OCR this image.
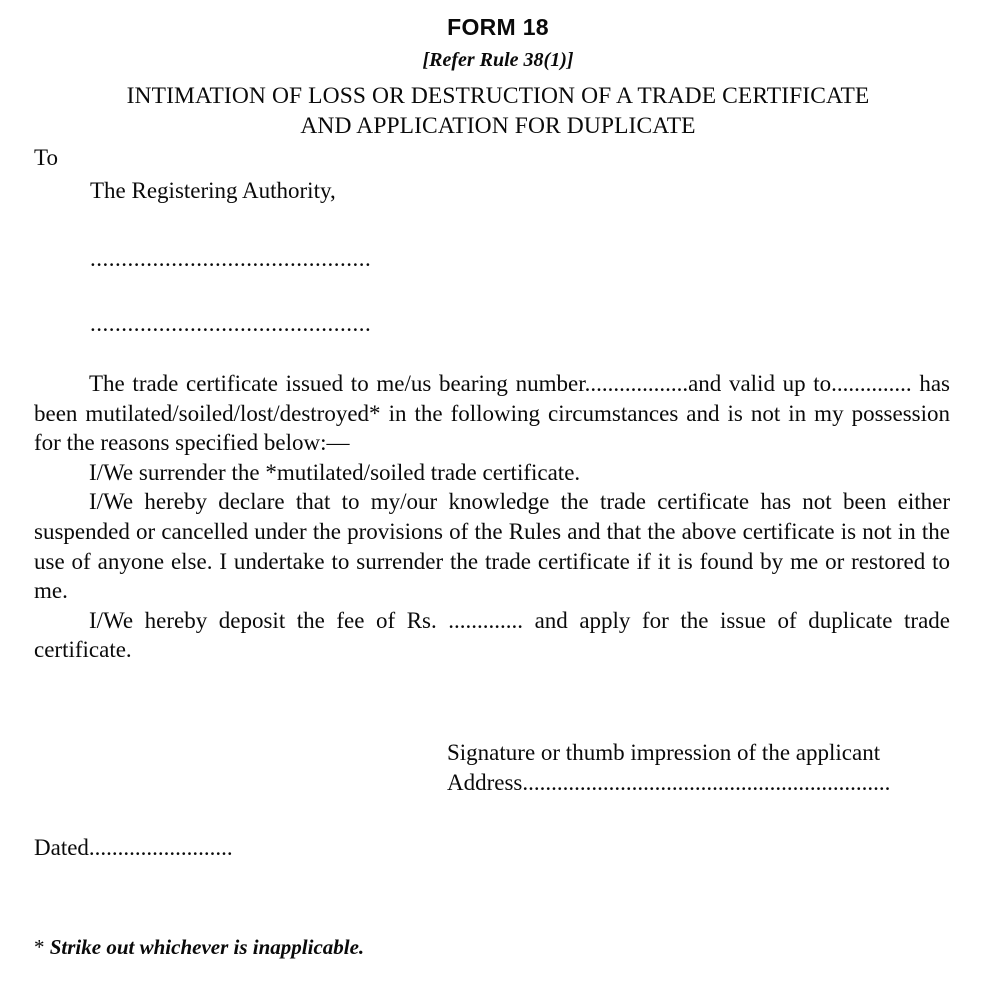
FORM 18
[Refer Rule 38(1)]
INTIMATION OF LOSS OR DESTRUCTION OF A TRADE CERTIFICATE
AND APPLICATION FOR DUPLICATE
To
The Registering Authority,
.............................................
.............................................

The trade certificate issued to me/us bearing number..................and valid up to.............. has been mutilated/soiled/lost/destroyed* in the following circumstances and is not in my possession for the reasons specified below:—

I/We surrender the *mutilated/soiled trade certificate.

I/We hereby declare that to my/our knowledge the trade certificate has not been either suspended or cancelled under the provisions of the Rules and that the above certificate is not in the use of anyone else. I undertake to surrender the trade certificate if it is found by me or restored to me.

I/We hereby deposit the fee of Rs. ............. and apply for the issue of duplicate trade certificate.

Signature or thumb impression of the applicant
Address................................................................
Dated.........................
* Strike out whichever is inapplicable.
